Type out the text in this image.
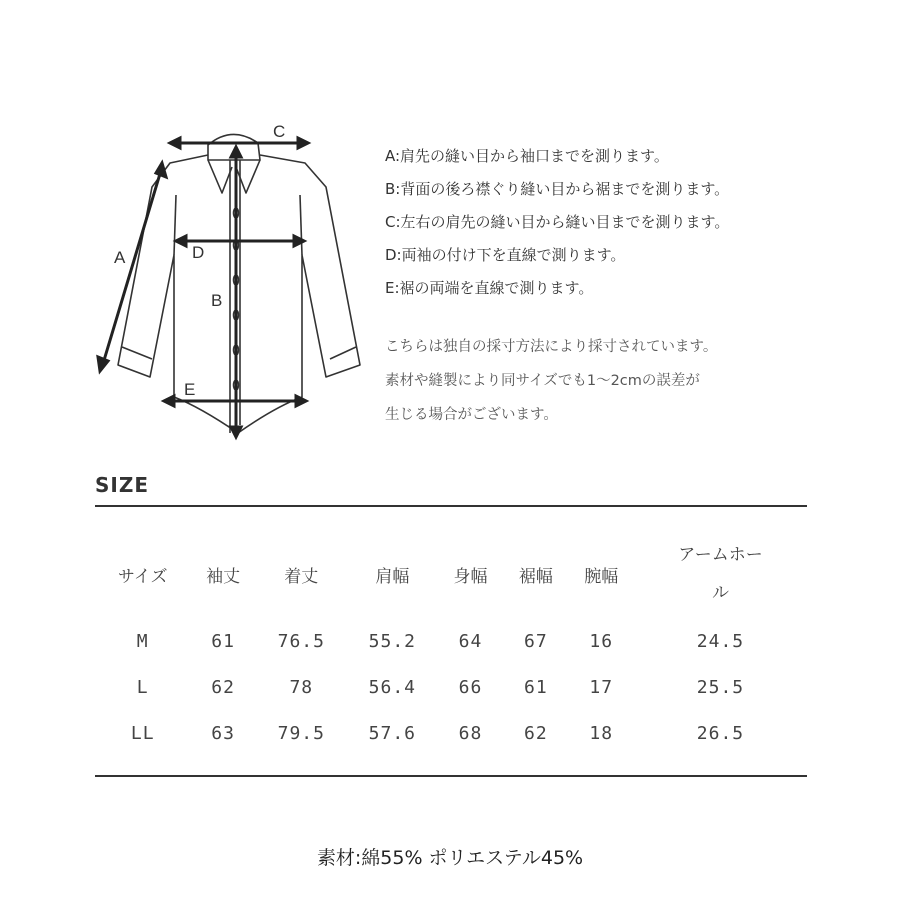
C
A	D
B
E
A:肩先の縫い目から袖口までを測ります。
B:背面の後ろ襟ぐり縫い目から裾までを測ります。
C:左右の肩先の縫い目から縫い目までを測ります。
D:両袖の付け下を直線で測ります。
E:裾の両端を直線で測ります。
こちらは独自の採寸方法により採寸されています。
素材や縫製により同サイズでも1〜2cmの誤差が
生じる場合がございます。
SIZE
サイズ	袖丈	着丈	肩幅	身幅	裾幅	腕幅	アームホール
M	61	76.5	55.2	64	67	16	24.5
L	62	78	56.4	66	61	17	25.5
LL	63	79.5	57.6	68	62	18	26.5
素材:綿55% ポリエステル45%
